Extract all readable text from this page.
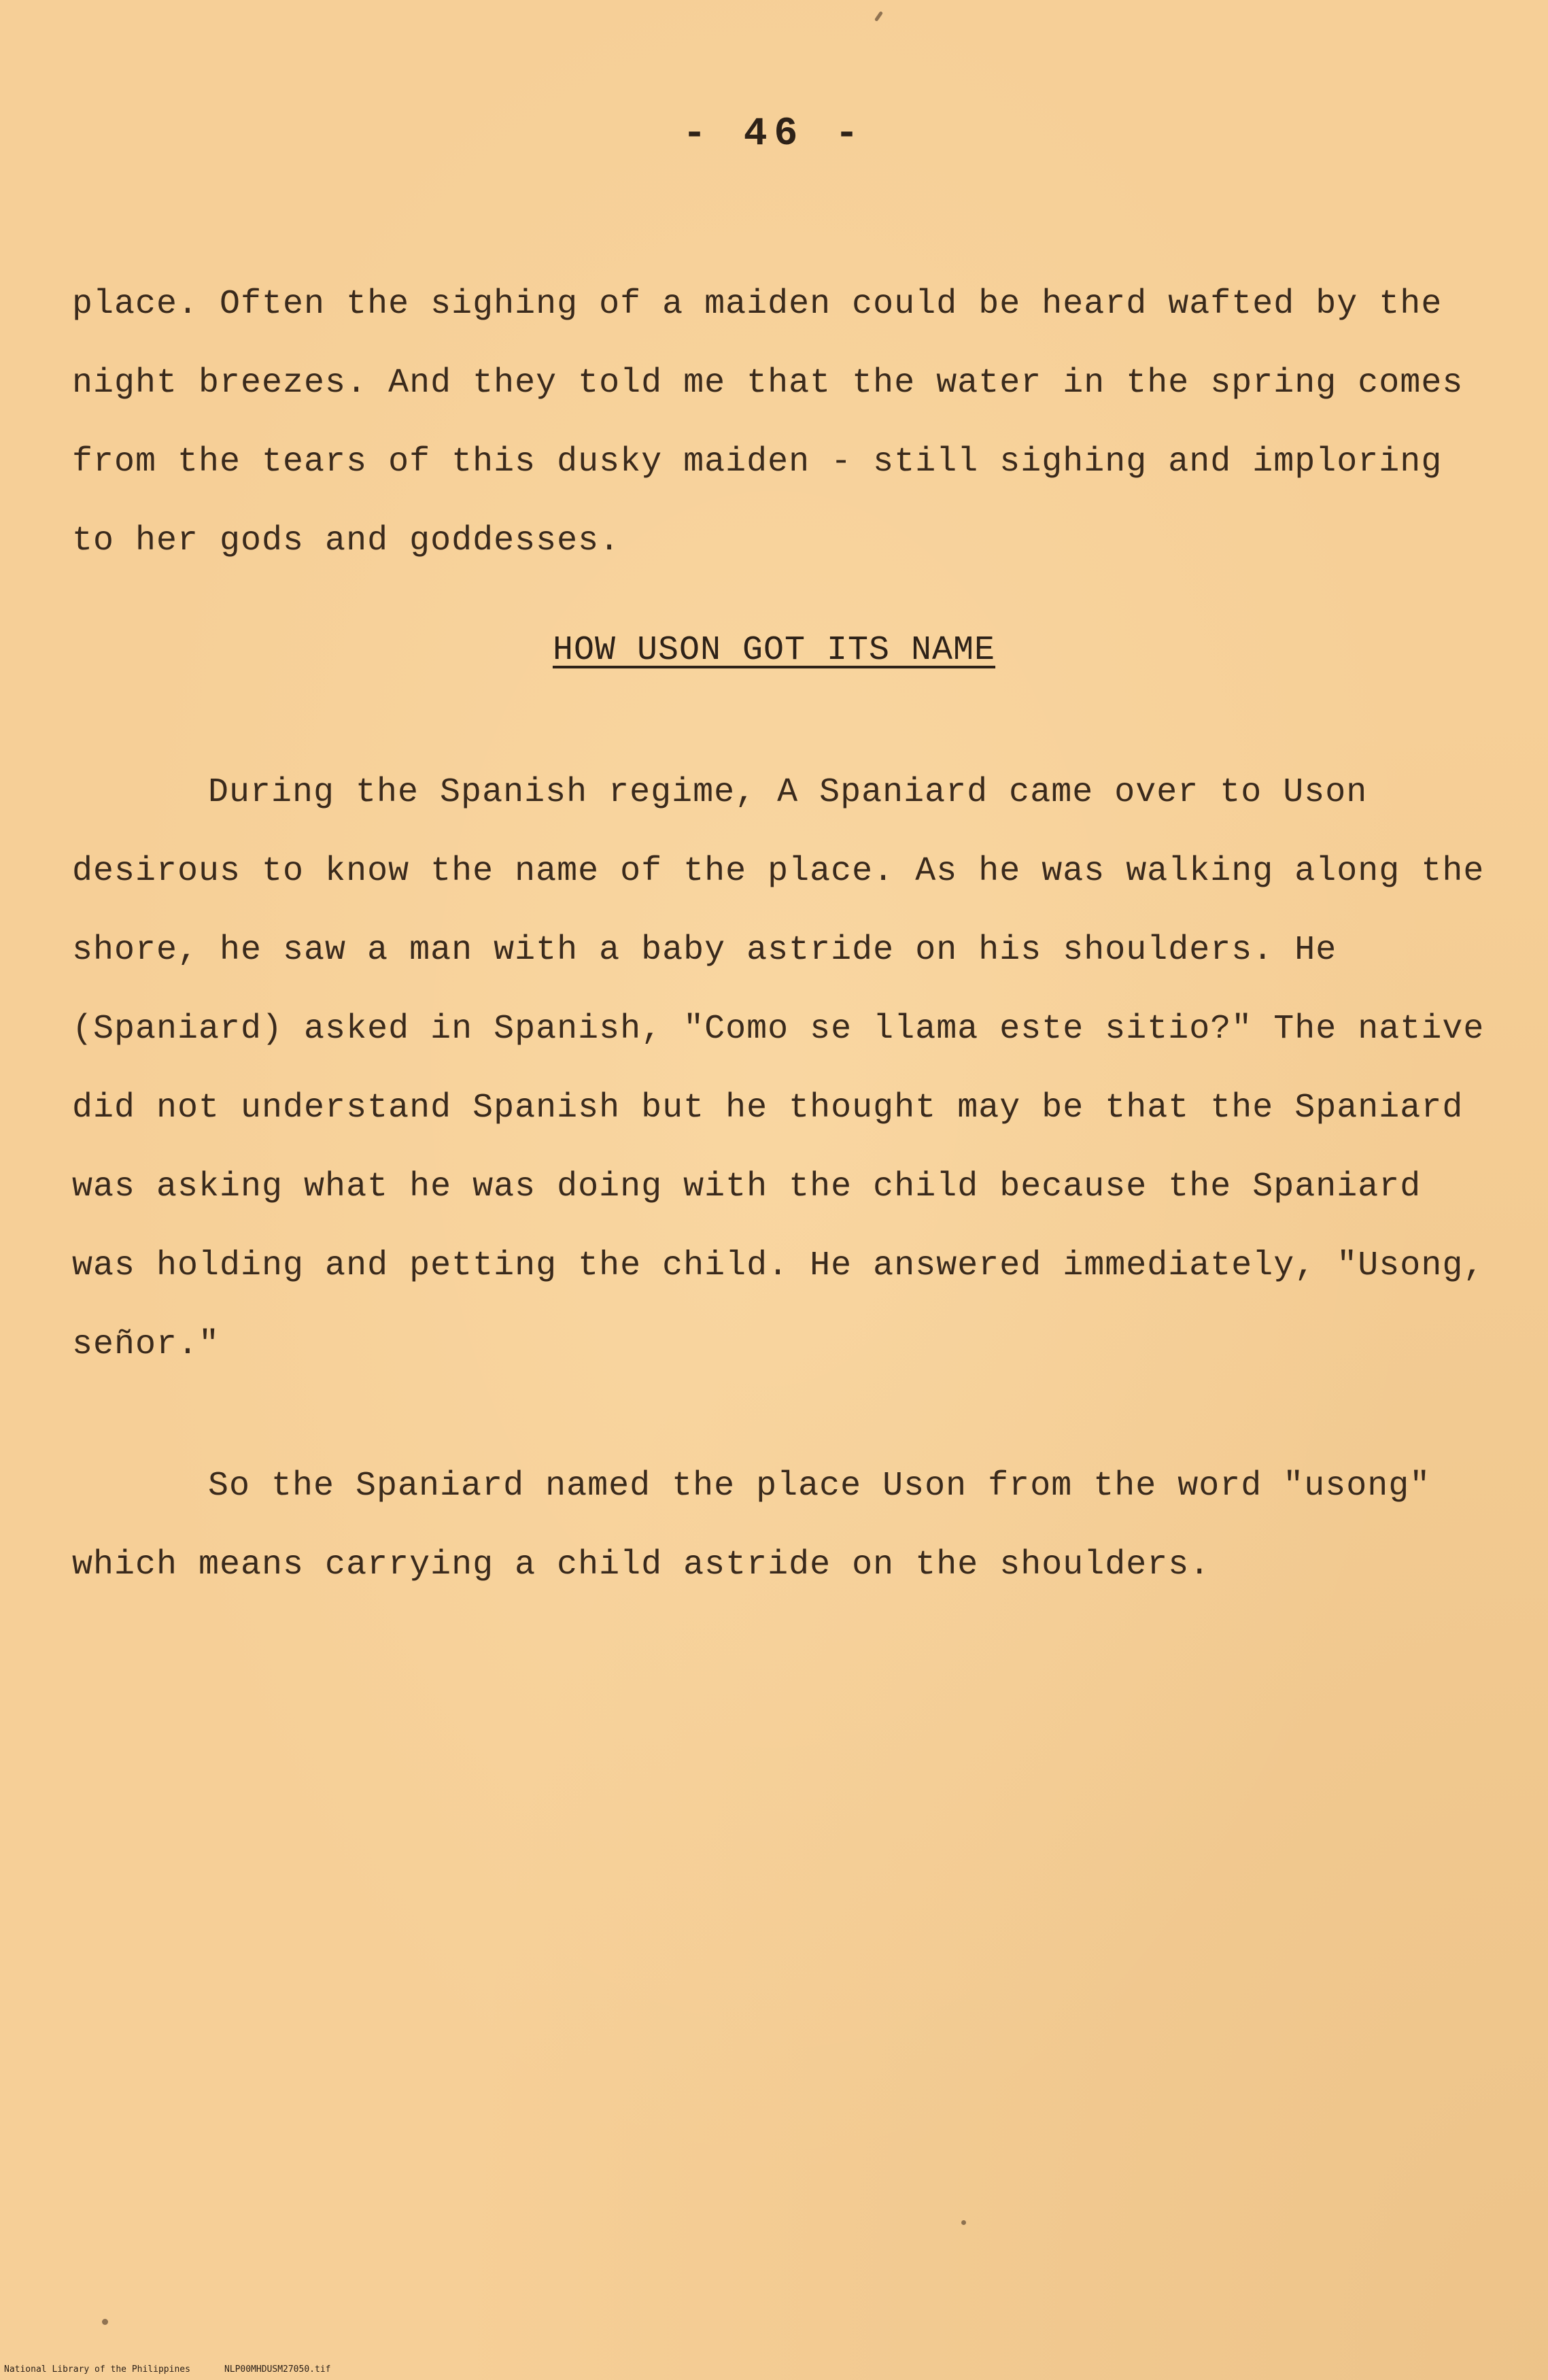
- 46 -
place. Often the sighing of a maiden could be heard wafted by the night breezes. And they told me that the water in the spring comes from the tears of this dusky maiden - still sighing and imploring to her gods and goddesses.
HOW USON GOT ITS NAME
During the Spanish regime, A Spaniard came over to Uson desirous to know the name of the place. As he was walking along the shore, he saw a man with a baby astride on his shoulders. He (Spaniard) asked in Spanish, "Como se llama este sitio?" The native did not understand Spanish but he thought may be that the Spaniard was asking what he was doing with the child because the Spaniard was holding and petting the child. He answered immediately, "Usong, señor."
So the Spaniard named the place Uson from the word "usong" which means carrying a child astride on the shoulders.
National Library of the Philippines	NLP00MHDUSM27050.tif
